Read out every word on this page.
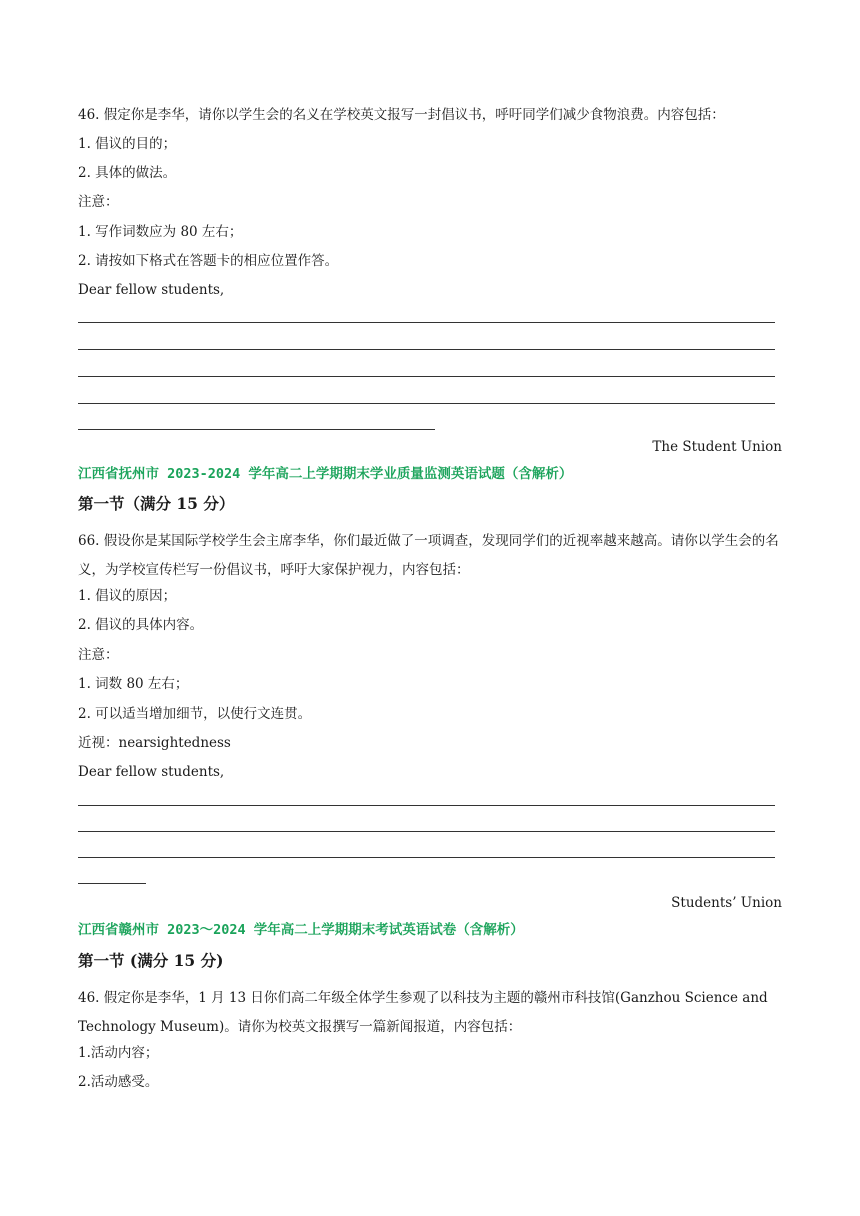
46. 假定你是李华，请你以学生会的名义在学校英文报写一封倡议书，呼吁同学们减少食物浪费。内容包括：

1. 倡议的目的；

2. 具体的做法。

注意：

1. 写作词数应为 80 左右；

2. 请按如下格式在答题卡的相应位置作答。

Dear fellow students,

The Student Union
江西省抚州市 2023-2024 学年高二上学期期末学业质量监测英语试题（含解析）
第一节（满分 15 分）

66. 假设你是某国际学校学生会主席李华，你们最近做了一项调查，发现同学们的近视率越来越高。请你以学生会的名义，为学校宣传栏写一份倡议书，呼吁大家保护视力，内容包括：

1. 倡议的原因；

2. 倡议的具体内容。

注意：

1. 词数 80 左右；

2. 可以适当增加细节，以使行文连贯。

近视：nearsightedness

Dear fellow students,

Students’ Union
江西省赣州市 2023～2024 学年高二上学期期末考试英语试卷（含解析）
第一节 (满分 15 分)

46. 假定你是李华，1 月 13 日你们高二年级全体学生参观了以科技为主题的赣州市科技馆(Ganzhou Science and Technology Museum)。请你为校英文报撰写一篇新闻报道，内容包括：

1.活动内容；

2.活动感受。
